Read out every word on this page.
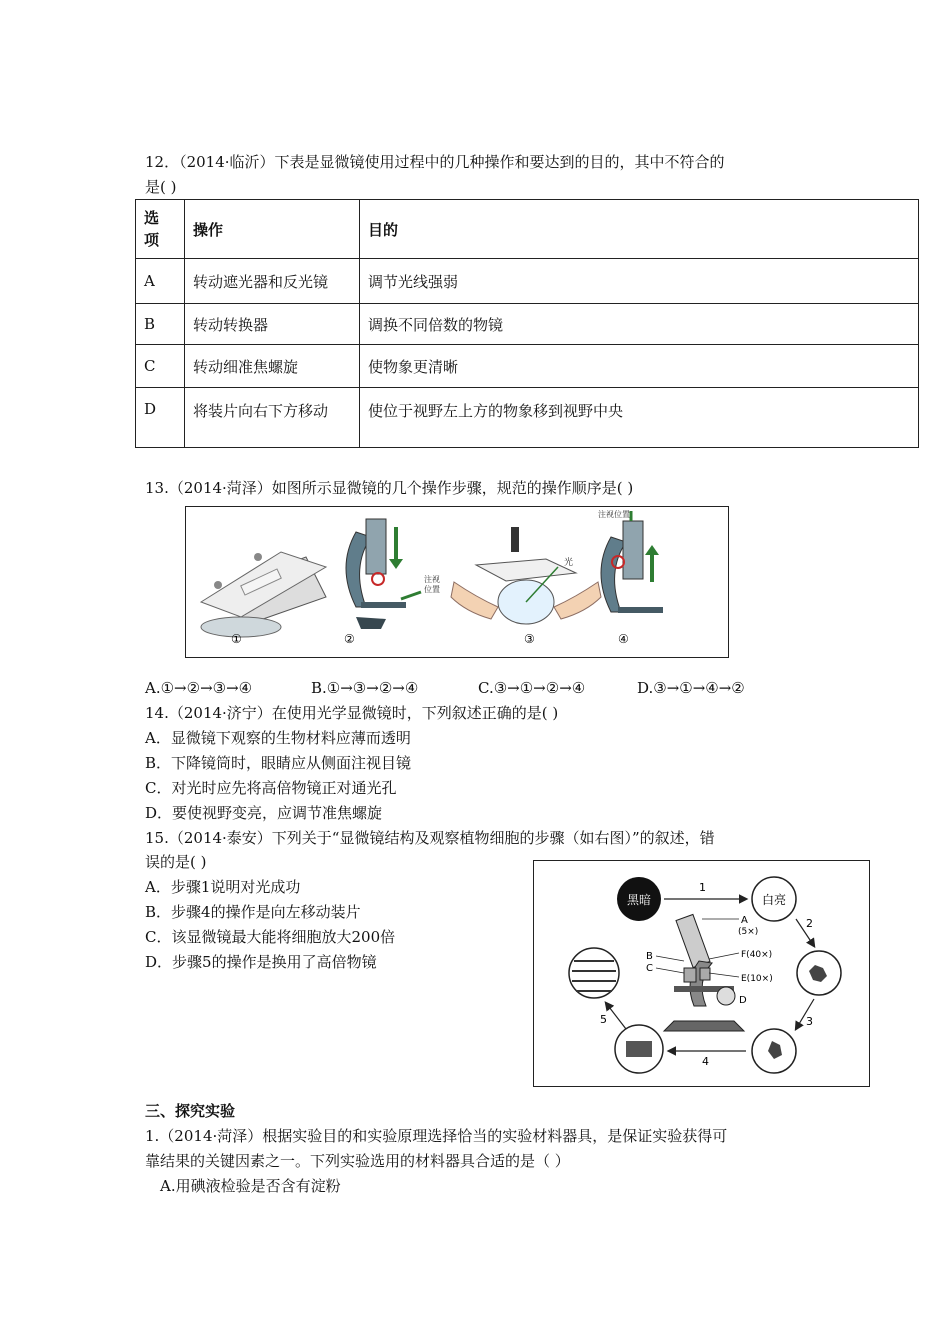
12．（2014·临沂）下表是显微镜使用过程中的几种操作和要达到的目的，其中不符合的
是( )
选
项	操作	目的
A	转动遮光器和反光镜	调节光线强弱
B	转动转换器	调换不同倍数的物镜
C	转动细准焦螺旋	使物象更清晰
D	将装片向右下方移动	使位于视野左上方的物象移到视野中央
13.（2014·菏泽）如图所示显微镜的几个操作步骤，规范的操作顺序是( )
①
注视位置
②
光
③
注视位置
④
A.①→②→③→④	B.①→③→②→④	C.③→①→②→④	D.③→①→④→②
14.（2014·济宁）在使用光学显微镜时，下列叙述正确的是( )
A．显微镜下观察的生物材料应薄而透明
B．下降镜筒时，眼睛应从侧面注视目镜
C．对光时应先将高倍物镜正对通光孔
D．要使视野变亮，应调节准焦螺旋
15.（2014·泰安）下列关于“显微镜结构及观察植物细胞的步骤（如右图）”的叙述，错
误的是( )
A．步骤1说明对光成功
B．步骤4的操作是向左移动装片
C．该显微镜最大能将细胞放大200倍
D．步骤5的操作是换用了高倍物镜
黑暗	白亮
1
2
3
4
5
A
(5×)
F(40×)
E(10×)
B
C
D
三、探究实验
1.（2014·菏泽）根据实验目的和实验原理选择恰当的实验材料器具，是保证实验获得可
靠结果的关键因素之一。下列实验选用的材料器具合适的是（ ）
A.用碘液检验是否含有淀粉
